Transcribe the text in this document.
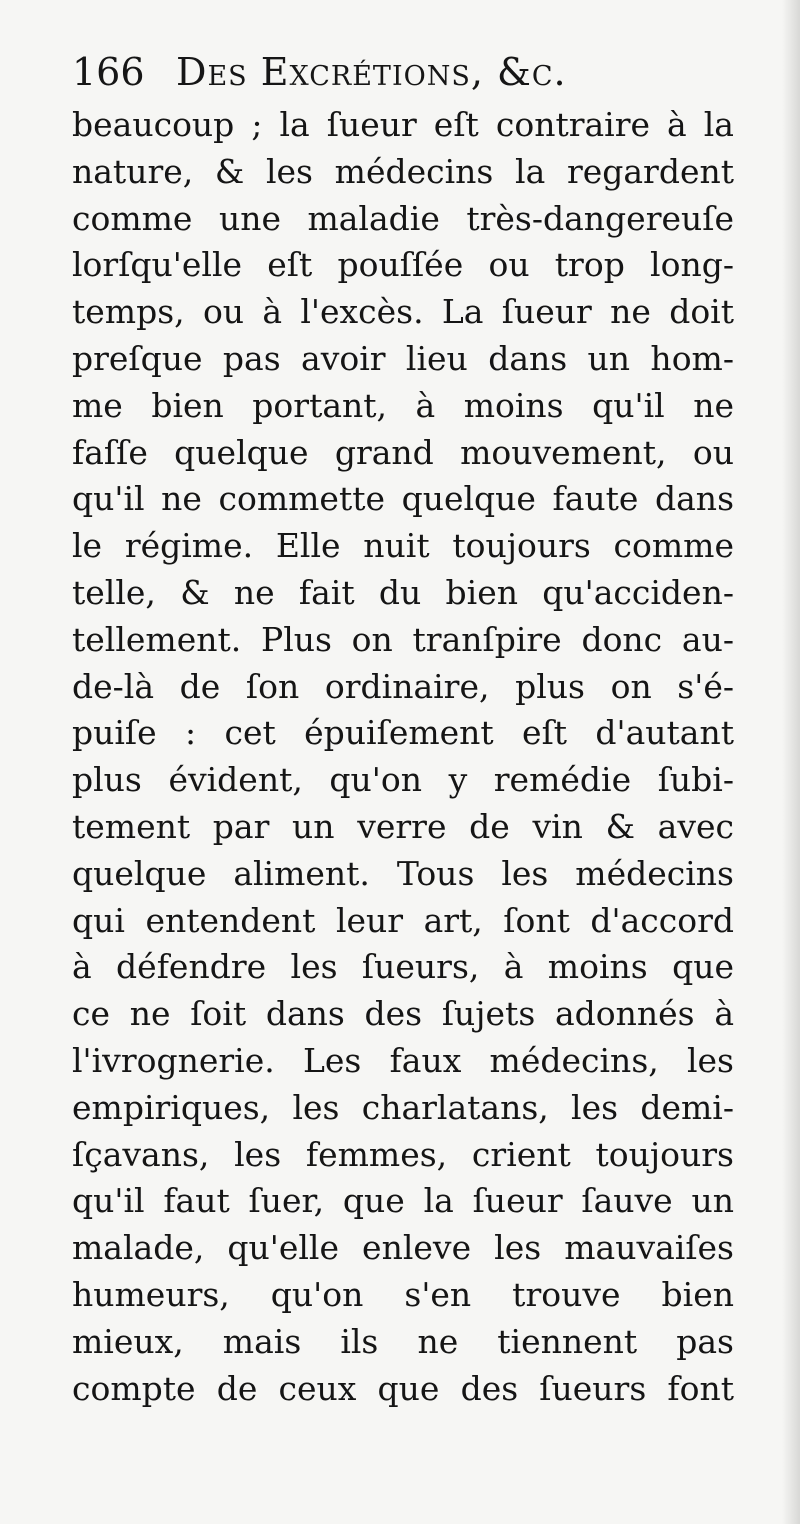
166 Des Excrétions, &c.
beaucoup ; la ſueur eſt contraire à la
nature, & les médecins la regardent
comme une maladie très-dangereuſe
lorſqu'elle eſt pouſſée ou trop long-
temps, ou à l'excès. La ſueur ne doit
preſque pas avoir lieu dans un hom-
me bien portant, à moins qu'il ne
faſſe quelque grand mouvement, ou
qu'il ne commette quelque faute dans
le régime. Elle nuit toujours comme
telle, & ne fait du bien qu'acciden-
tellement. Plus on tranſpire donc au-
de-là de ſon ordinaire, plus on s'é-
puiſe : cet épuiſement eſt d'autant
plus évident, qu'on y remédie ſubi-
tement par un verre de vin & avec
quelque aliment. Tous les médecins
qui entendent leur art, ſont d'accord
à défendre les ſueurs, à moins que
ce ne ſoit dans des ſujets adonnés à
l'ivrognerie. Les faux médecins, les
empiriques, les charlatans, les demi-
ſçavans, les femmes, crient toujours
qu'il faut ſuer, que la ſueur ſauve un
malade, qu'elle enleve les mauvaiſes
humeurs, qu'on s'en trouve bien
mieux, mais ils ne tiennent pas
compte de ceux que des ſueurs font
